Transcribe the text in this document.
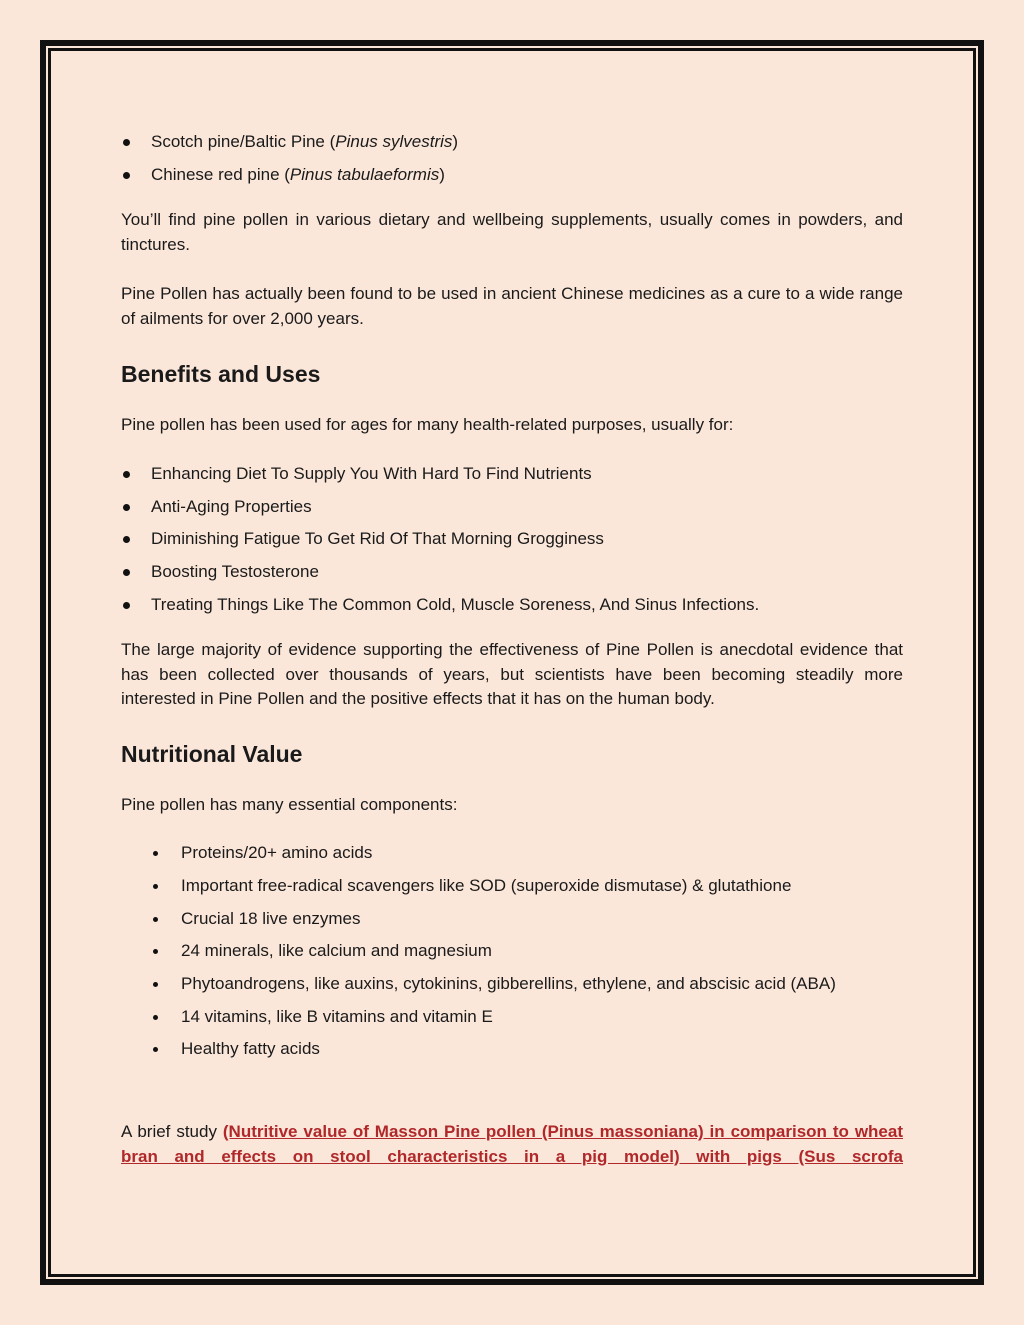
Scotch pine/Baltic Pine (Pinus sylvestris)
Chinese red pine (Pinus tabulaeformis)

You’ll find pine pollen in various dietary and wellbeing supplements, usually comes in powders, and tinctures.

Pine Pollen has actually been found to be used in ancient Chinese medicines as a cure to a wide range of ailments for over 2,000 years.

Benefits and Uses

Pine pollen has been used for ages for many health-related purposes, usually for:

Enhancing Diet To Supply You With Hard To Find Nutrients
Anti-Aging Properties
Diminishing Fatigue To Get Rid Of That Morning Grogginess
Boosting Testosterone
Treating Things Like The Common Cold, Muscle Soreness, And Sinus Infections.

The large majority of evidence supporting the effectiveness of Pine Pollen is anecdotal evidence that has been collected over thousands of years, but scientists have been becoming steadily more interested in Pine Pollen and the positive effects that it has on the human body.

Nutritional Value

Pine pollen has many essential components:

Proteins/20+ amino acids
Important free-radical scavengers like SOD (superoxide dismutase) & glutathione
Crucial 18 live enzymes
24 minerals, like calcium and magnesium
Phytoandrogens, like auxins, cytokinins, gibberellins, ethylene, and abscisic acid (ABA)
14 vitamins, like B vitamins and vitamin E
Healthy fatty acids

A brief study (Nutritive value of Masson Pine pollen (Pinus massoniana) in comparison to wheat bran and effects on stool characteristics in a pig model) with pigs (Sus scrofa
